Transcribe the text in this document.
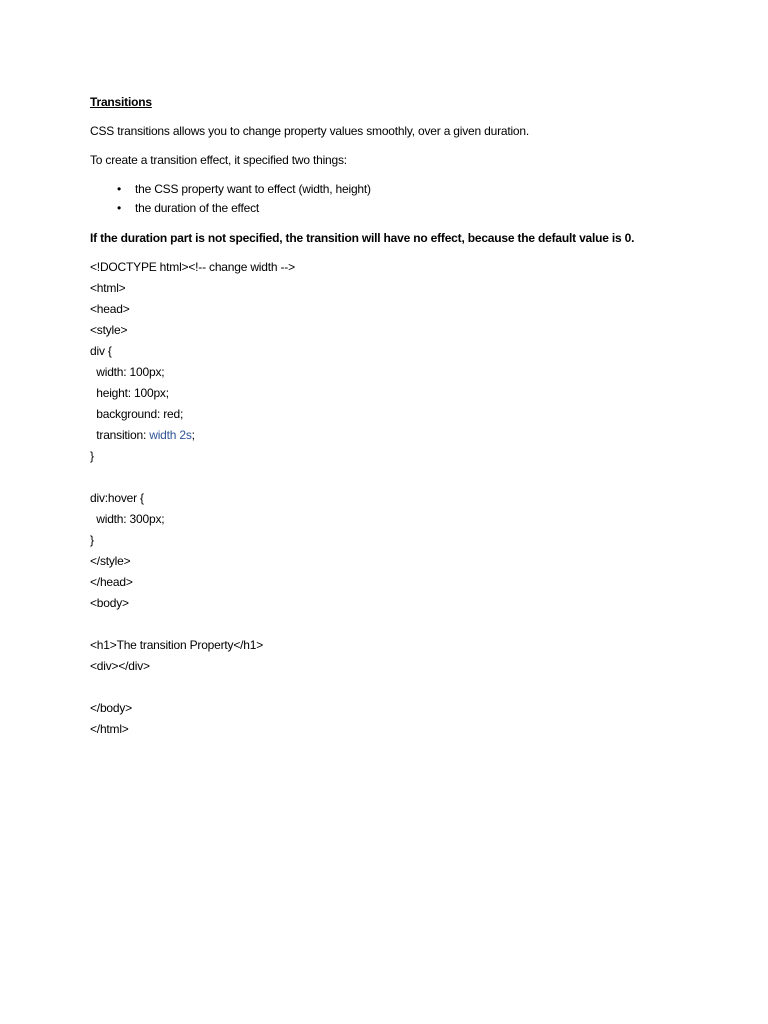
Transitions
CSS transitions allows you to change property values smoothly, over a given duration.
To create a transition effect, it specified two things:
• the CSS property want to effect (width, height)
• the duration of the effect
If the duration part is not specified, the transition will have no effect, because the default value is 0.
<!DOCTYPE html><!-- change width -->
<html>
<head>
<style>
div {
width: 100px;
height: 100px;
background: red;
transition: width 2s;
}
div:hover {
width: 300px;
}
</style>
</head>
<body>
<h1>The transition Property</h1>
<div></div>
</body>
</html>
